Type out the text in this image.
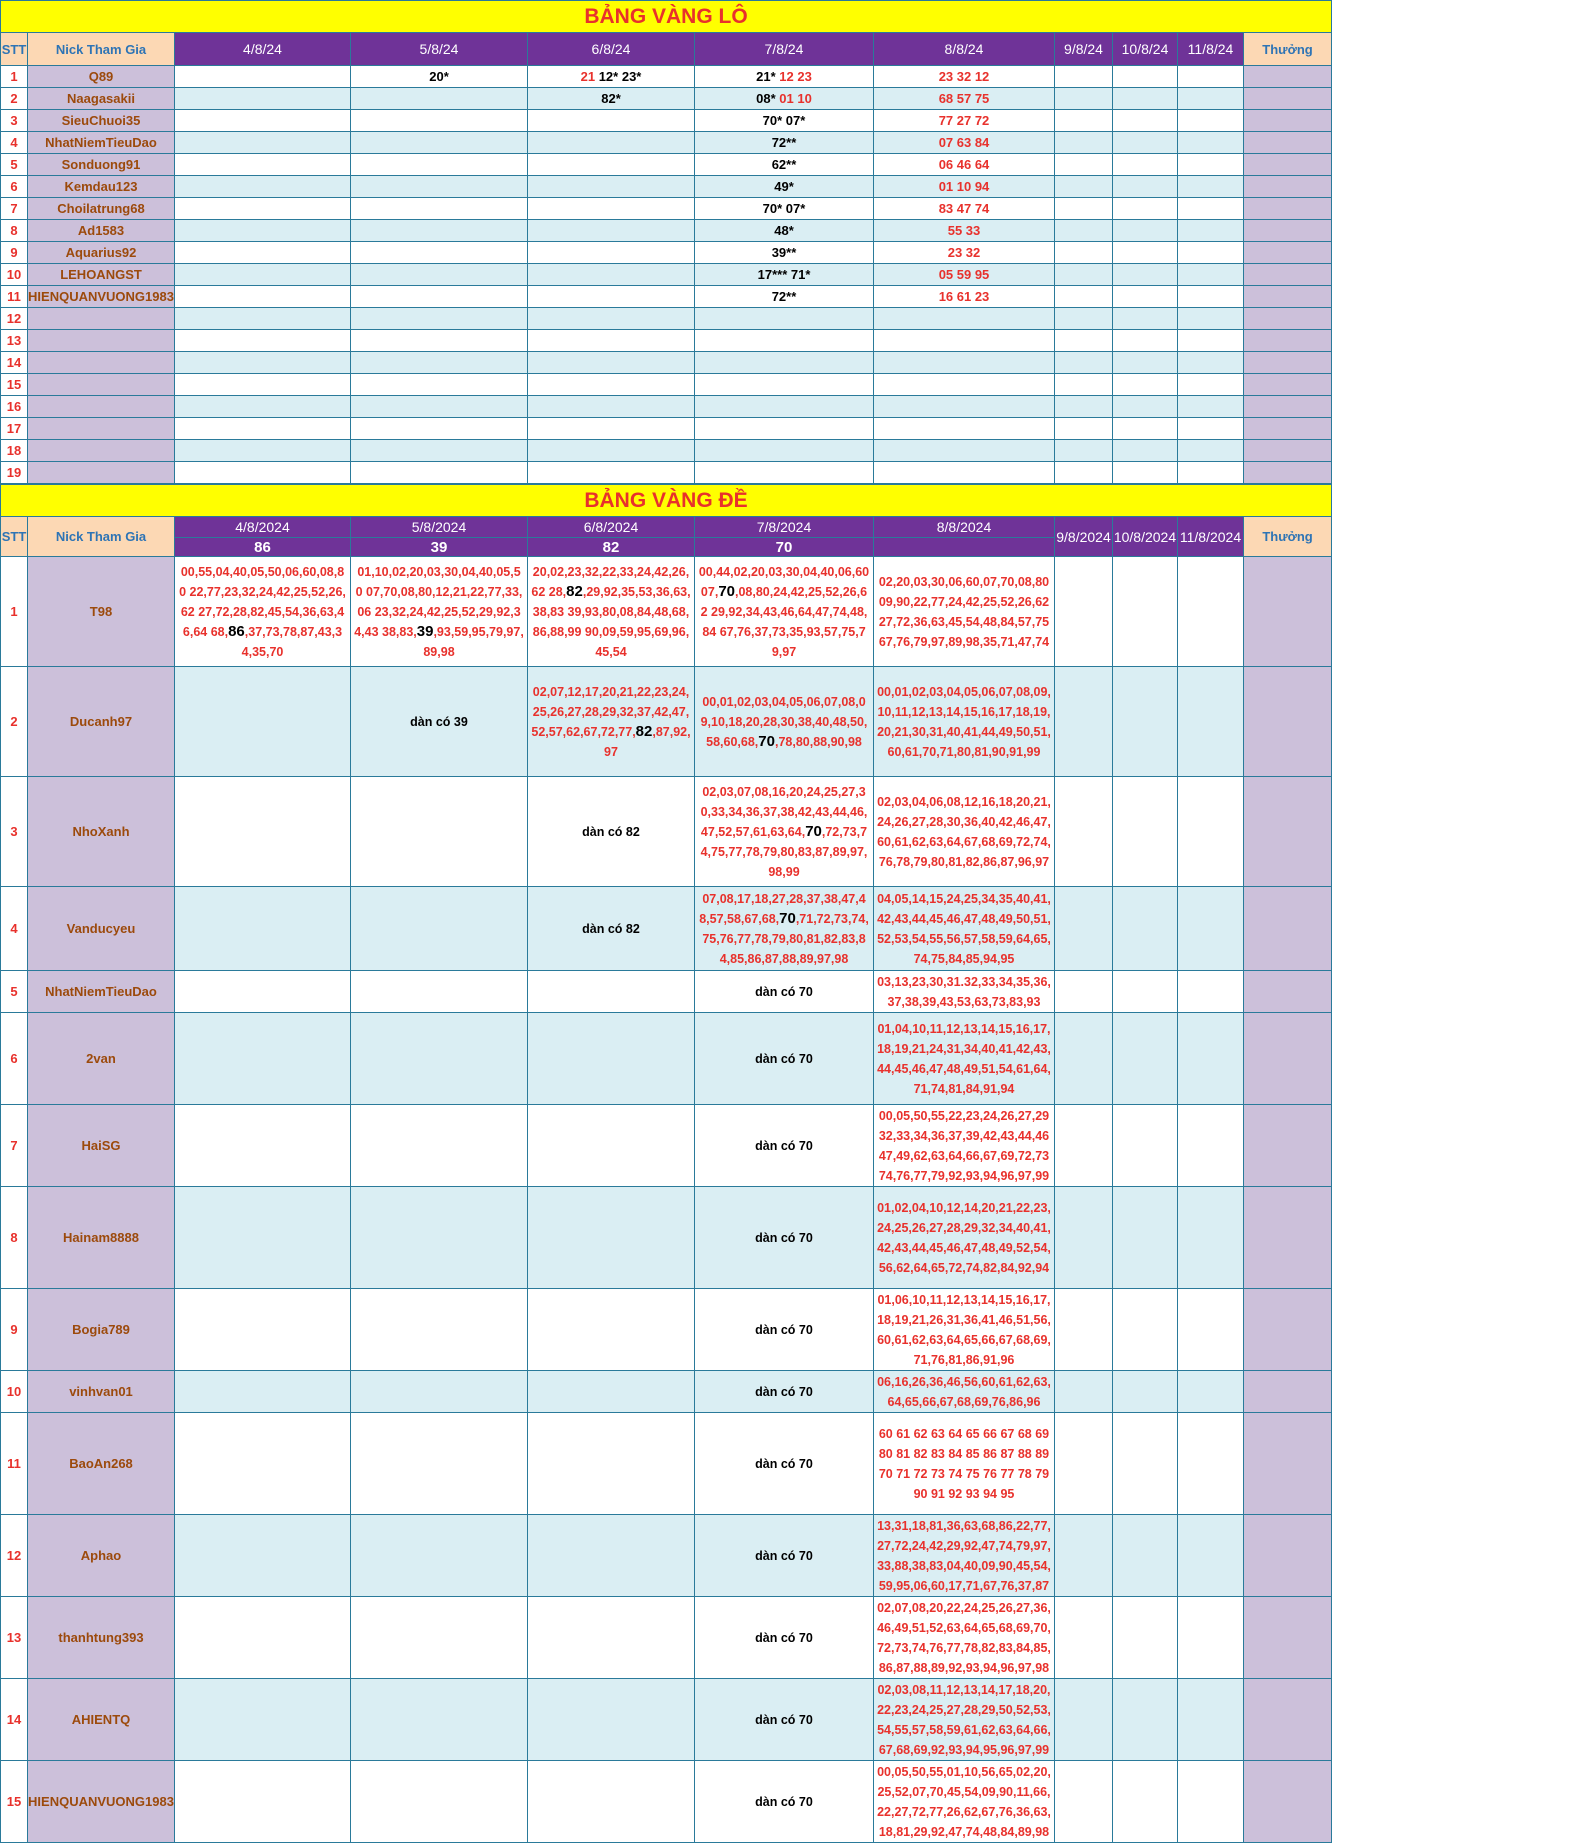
BẢNG VÀNG LÔ											
STT	Nick Tham Gia	4/8/24	5/8/24	6/8/24	7/8/24	8/8/24	9/8/24	10/8/24	11/8/24	Thưởng	
1	Q89		20*	21 12* 23*	21* 12 23	23 32 12					
2	Naagasakii			82*	08* 01 10	68 57 75					
3	SieuChuoi35				70* 07*	77 27 72					
4	NhatNiemTieuDao				72**	07 63 84					
5	Sonduong91				62**	06 46 64					
6	Kemdau123				49*	01 10 94					
7	Choilatrung68				70* 07*	83 47 74					
8	Ad1583				48*	55 33					
9	Aquarius92				39**	23 32					
10	LEHOANGST				17*** 71*	05 59 95					
11	HIENQUANVUONG1983				72**	16 61 23					
12											
13											
14											
15											
16											
17											
18											
19											
BẢNG VÀNG ĐỀ											
STT	Nick Tham Gia	4/8/2024	5/8/2024	6/8/2024	7/8/2024	8/8/2024	9/8/2024	10/8/2024	11/8/2024	Thưởng	
		86	39	82	70						
1	T98	00,55,04,40,05,50,06,60,08,80 22,77,23,32,24,42,25,52,26,62 27,72,28,82,45,54,36,63,46,64 68,86,37,73,78,87,43,34,35,70	01,10,02,20,03,30,04,40,05,50 07,70,08,80,12,21,22,77,33,06 23,32,24,42,25,52,29,92,34,43 38,83,39,93,59,95,79,97,89,98	20,02,23,32,22,33,24,42,26,62 28,82,29,92,35,53,36,63,38,83 39,93,80,08,84,48,68,86,88,99 90,09,59,95,69,96,45,54	00,44,02,20,03,30,04,40,06,60 07,70,08,80,24,42,25,52,26,62 29,92,34,43,46,64,47,74,48,84 67,76,37,73,35,93,57,75,79,97	02,20,03,30,06,60,07,70,08,80 09,90,22,77,24,42,25,52,26,62 27,72,36,63,45,54,48,84,57,75 67,76,79,97,89,98,35,71,47,74					

2	Ducanh97		dàn có 39	02,07,12,17,20,21,22,23,24,25,26,27,28,29,32,37,42,47,52,57,62,67,72,77,82,87,92,97	00,01,02,03,04,05,06,07,08,09,10,18,20,28,30,38,40,48,50,58,60,68,70,78,80,88,90,98	00,01,02,03,04,05,06,07,08,09,10,11,12,13,14,15,16,17,18,19,20,21,30,31,40,41,44,49,50,51,60,61,70,71,80,81,90,91,99					

3	NhoXanh			dàn có 82	02,03,07,08,16,20,24,25,27,30,33,34,36,37,38,42,43,44,46,47,52,57,61,63,64,70,72,73,74,75,77,78,79,80,83,87,89,97,98,99	02,03,04,06,08,12,16,18,20,21,24,26,27,28,30,36,40,42,46,47,60,61,62,63,64,67,68,69,72,74,76,78,79,80,81,82,86,87,96,97					

4	Vanducyeu			dàn có 82	07,08,17,18,27,28,37,38,47,48,57,58,67,68,70,71,72,73,74,75,76,77,78,79,80,81,82,83,84,85,86,87,88,89,97,98	04,05,14,15,24,25,34,35,40,41,42,43,44,45,46,47,48,49,50,51,52,53,54,55,56,57,58,59,64,65,74,75,84,85,94,95					

5	NhatNiemTieuDao				dàn có 70	03,13,23,30,31.32,33,34,35,36,37,38,39,43,53,63,73,83,93					

6	2van				dàn có 70	01,04,10,11,12,13,14,15,16,17,18,19,21,24,31,34,40,41,42,43,44,45,46,47,48,49,51,54,61,64,71,74,81,84,91,94					

7	HaiSG				dàn có 70	00,05,50,55,22,23,24,26,27,29 32,33,34,36,37,39,42,43,44,46 47,49,62,63,64,66,67,69,72,73 74,76,77,79,92,93,94,96,97,99					

8	Hainam8888				dàn có 70	01,02,04,10,12,14,20,21,22,23, 24,25,26,27,28,29,32,34,40,41, 42,43,44,45,46,47,48,49,52,54, 56,62,64,65,72,74,82,84,92,94					

9	Bogia789				dàn có 70	01,06,10,11,12,13,14,15,16,17,18,19,21,26,31,36,41,46,51,56,60,61,62,63,64,65,66,67,68,69,71,76,81,86,91,96					

10	vinhvan01				dàn có 70	06,16,26,36,46,56,60,61,62,63,64,65,66,67,68,69,76,86,96					

11	BaoAn268				dàn có 70	60 61 62 63 64 65 66 67 68 69 80 81 82 83 84 85 86 87 88 89 70 71 72 73 74 75 76 77 78 79 90 91 92 93 94 95					

12	Aphao				dàn có 70	13,31,18,81,36,63,68,86,22,77, 27,72,24,42,29,92,47,74,79,97, 33,88,38,83,04,40,09,90,45,54, 59,95,06,60,17,71,67,76,37,87					

13	thanhtung393				dàn có 70	02,07,08,20,22,24,25,26,27,36, 46,49,51,52,63,64,65,68,69,70, 72,73,74,76,77,78,82,83,84,85, 86,87,88,89,92,93,94,96,97,98					

14	AHIENTQ				dàn có 70	02,03,08,11,12,13,14,17,18,20,22,23,24,25,27,28,29,50,52,53,54,55,57,58,59,61,62,63,64,66,67,68,69,92,93,94,95,96,97,99					

15	HIENQUANVUONG1983				dàn có 70	00,05,50,55,01,10,56,65,02,20,25,52,07,70,45,54,09,90,11,66,22,27,72,77,26,62,67,76,36,63,18,81,29,92,47,74,48,84,89,98					
